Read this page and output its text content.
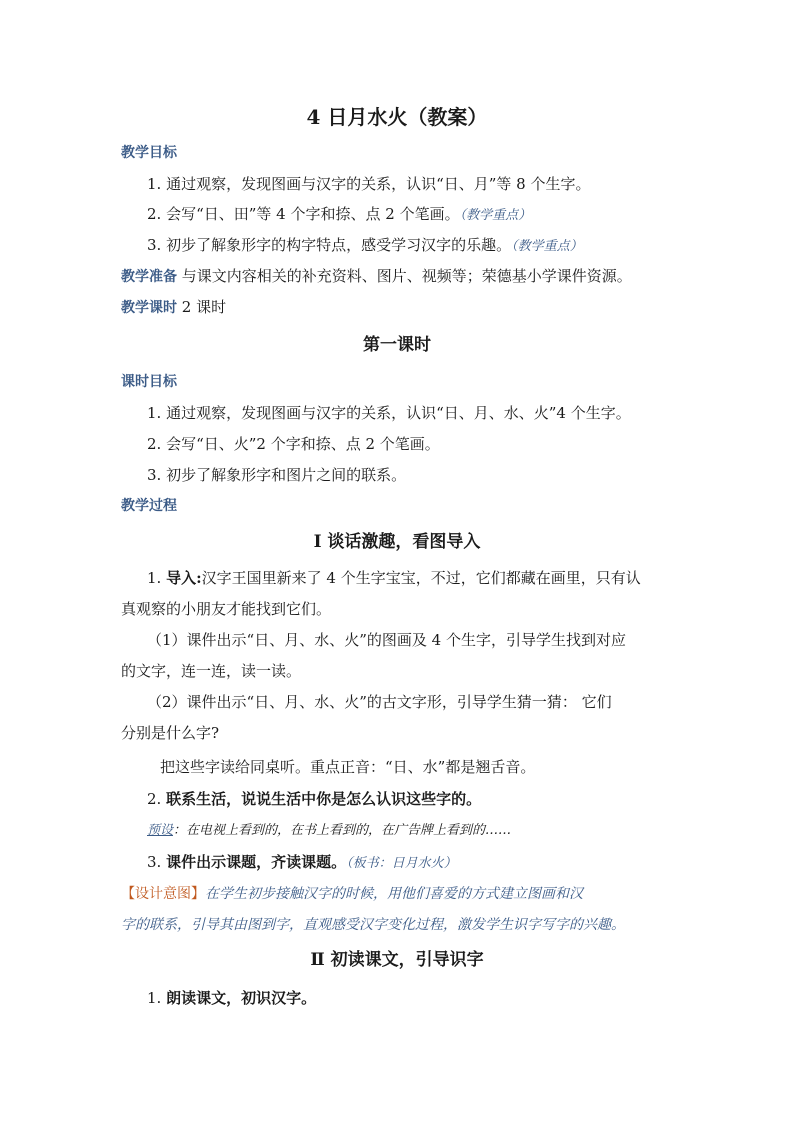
4 日月水火（教案）
教学目标
1. 通过观察，发现图画与汉字的关系，认识“日、月”等 8 个生字。
2. 会写“日、田”等 4 个字和捺、点 2 个笔画。（教学重点）
3. 初步了解象形字的构字特点，感受学习汉字的乐趣。（教学重点）
教学准备 与课文内容相关的补充资料、图片、视频等；荣德基小学课件资源。
教学课时 2 课时
第一课时
课时目标
1. 通过观察，发现图画与汉字的关系，认识“日、月、水、火”4 个生字。
2. 会写“日、火”2 个字和捺、点 2 个笔画。
3. 初步了解象形字和图片之间的联系。
教学过程
Ⅰ 谈话激趣，看图导入
1. 导入:汉字王国里新来了 4 个生字宝宝，不过，它们都藏在画里，只有认
真观察的小朋友才能找到它们。
（1）课件出示“日、月、水、火”的图画及 4 个生字，引导学生找到对应
的文字，连一连，读一读。
（2）课件出示“日、月、水、火”的古文字形，引导学生猜一猜： 它们
分别是什么字?
把这些字读给同桌听。重点正音：“日、水”都是翘舌音。
2. 联系生活，说说生活中你是怎么认识这些字的。
预设：在电视上看到的，在书上看到的，在广告牌上看到的……
3. 课件出示课题，齐读课题。（板书：日月水火）
【设计意图】在学生初步接触汉字的时候，用他们喜爱的方式建立图画和汉
字的联系，引导其由图到字，直观感受汉字变化过程，激发学生识字写字的兴趣。
Ⅱ 初读课文，引导识字
1. 朗读课文，初识汉字。
